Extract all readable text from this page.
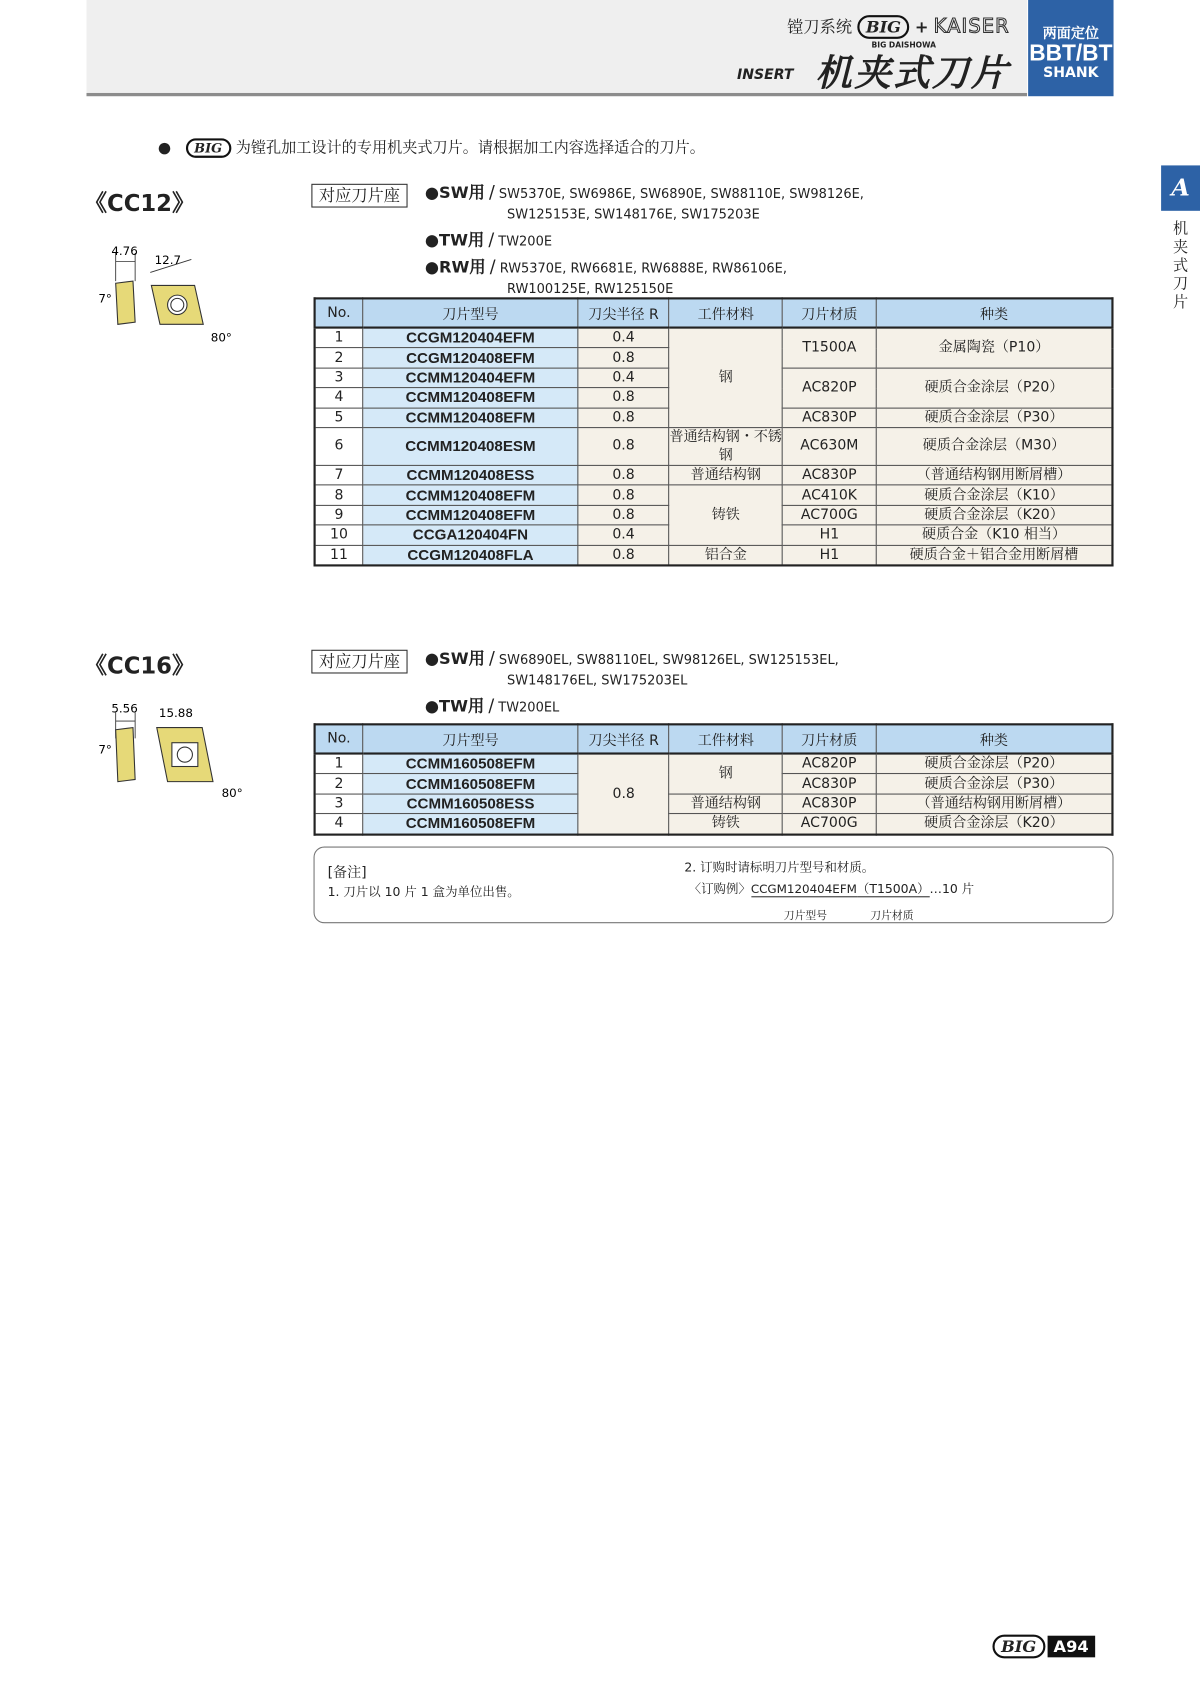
镗刀系统 BIG
BIG DAISHOWA
+ KAISER
INSERT 机夹式刀片
两面定位
BBT/BT
SHANK
A
机夹式刀片
● BIG 为镗孔加工设计的专用机夹式刀片。请根据加工内容选择适合的刀片。
《CC12》
4.76
7°
12.7
80°
对应刀片座	●SW用 / SW5370E, SW6986E, SW6890E, SW88110E, SW98126E,
SW125153E, SW148176E, SW175203E
●TW用 / TW200E
●RW用 / RW5370E, RW6681E, RW6888E, RW86106E,
RW100125E, RW125150E
No.	刀片型号	刀尖半径 R	工件材料	刀片材质	种类
1	CCGM120404EFM	0.4	钢	T1500A	金属陶瓷（P10）
2	CCGM120408EFM	0.8			
3	CCMM120404EFM	0.4		AC820P	硬质合金涂层（P20）
4	CCMM120408EFM	0.8			
5	CCMM120408EFM	0.8		AC830P	硬质合金涂层（P30）
6	CCMM120408ESM	0.8	普通结构钢・不锈钢	AC630M	硬质合金涂层（M30）
7	CCMM120408ESS	0.8	普通结构钢	AC830P	（普通结构钢用断屑槽）
8	CCMM120408EFM	0.8	铸铁	AC410K	硬质合金涂层（K10）
9	CCMM120408EFM	0.8		AC700G	硬质合金涂层（K20）
10	CCGA120404FN	0.4		H1	硬质合金（K10 相当）
11	CCGM120408FLA	0.8	铝合金	H1	硬质合金＋铝合金用断屑槽
《CC16》
5.56
7°
15.88
80°
对应刀片座	●SW用 / SW6890EL, SW88110EL, SW98126EL, SW125153EL,
SW148176EL, SW175203EL
●TW用 / TW200EL
No.	刀片型号	刀尖半径 R	工件材料	刀片材质	种类
1	CCMM160508EFM	0.8	钢	AC820P	硬质合金涂层（P20）
2	CCMM160508EFM			AC830P	硬质合金涂层（P30）
3	CCMM160508ESS		普通结构钢	AC830P	（普通结构钢用断屑槽）
4	CCMM160508EFM		铸铁	AC700G	硬质合金涂层（K20）
[备注]
1. 刀片以 10 片 1 盒为单位出售。
2. 订购时请标明刀片型号和材质。
〈订购例〉CCGM120404EFM（T1500A）…10 片
刀片型号	刀片材质
BIG A94
